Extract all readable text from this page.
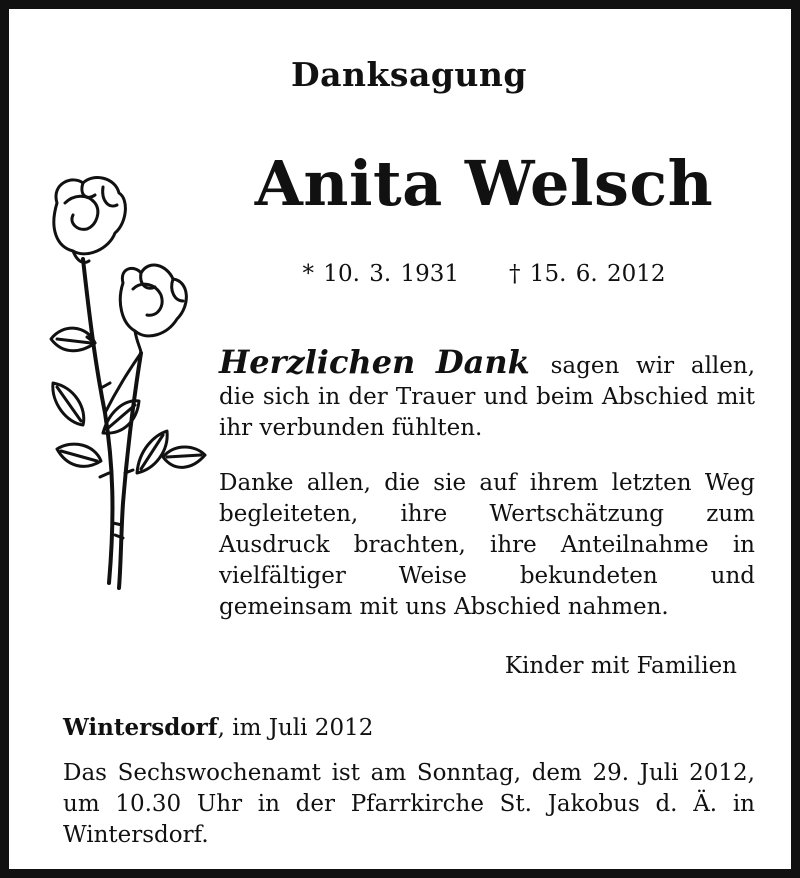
Danksagung
Anita Welsch
* 10. 3. 1931 † 15. 6. 2012
Herzlichen Dank sagen wir allen, die sich in der Trauer und beim Abschied mit ihr verbunden fühlten.
Danke allen, die sie auf ihrem letzten Weg begleiteten, ihre Wertschätzung zum Ausdruck brachten, ihre Anteilnahme in vielfältiger Weise bekundeten und gemeinsam mit uns Abschied nahmen.
Kinder mit Familien
Wintersdorf, im Juli 2012
Das Sechswochenamt ist am Sonntag, dem 29. Juli 2012, um 10.30 Uhr in der Pfarrkirche St. Jakobus d. Ä. in Wintersdorf.
